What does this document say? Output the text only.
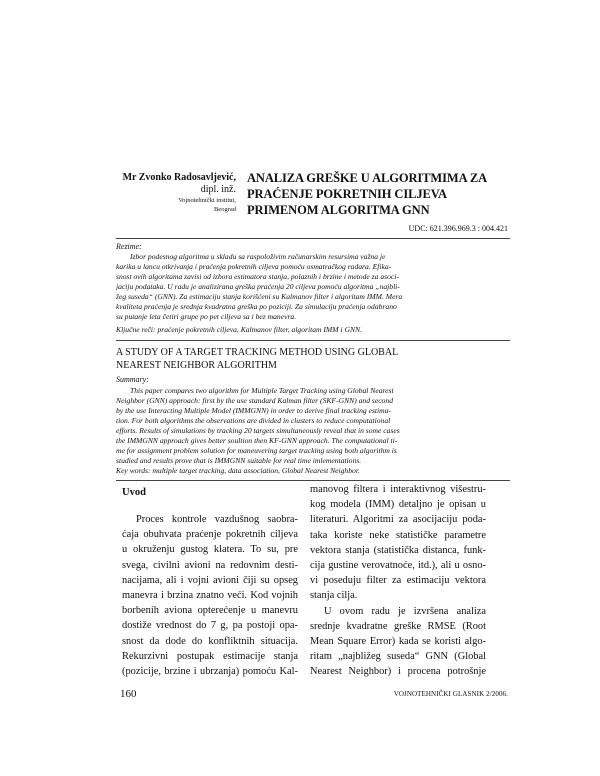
Mr Zvonko Radosavljević,
dipl. inž.
Vojnotehnički institut,
Beograd
ANALIZA GREŠKE U ALGORITMIMA ZA
PRAĆENJE POKRETNIH CILJEVA
PRIMENOM ALGORITMA GNN
UDC: 621.396.969.3 : 004.421
Rezime:
Izbor podesnog algoritma u skladu sa raspoloživim računarskim resursima važna je
karika u lancu otkrivanja i praćenja pokretnih ciljeva pomoću osmatračkog radara. Efika-
snost ovih algoritama zavisi od izbora estimatora stanja, polaznih i brzine i metode za asoci-
jaciju podataka. U radu je analizirana greška praćenja 20 ciljeva pomoću algoritma „najbli-
žeg suseda“ (GNN). Za estimaciju stanja korišćeni su Kalmanov filter i algoritam IMM. Mera
kvaliteta praćenja je srednja kvadratna greška po poziciji. Za simulaciju praćenja odabrano
su putanje leta četiri grupe po pet ciljeva sa i bez manevra.
Ključne reči: praćenje pokretnih ciljeva, Kalmanov filter, algoritam IMM i GNN.
A STUDY OF A TARGET TRACKING METHOD USING GLOBAL
NEAREST NEIGHBOR ALGORITHM
Summary:
This paper compares two algorithm for Multiple Target Tracking using Global Nearest
Neighbor (GNN) approach: first by the use standard Kalman filter (SKF-GNN) and second
by the use Interacting Multiple Model (IMMGNN) in order to derive final tracking estima-
tion. For both algorithms the observations are divided in clusters to reduce computational
efforts. Results of simulations by tracking 20 targets simultaneously reveal that in some cases
the IMMGNN approach gives better soultion then KF-GNN approach. The computational ti-
me for assignment problem solution for maneuvering target tracking using both algorithm is
studied and results prove that is IMMGNN suitable for real time imlementations.
Key words: multiple target tracking, data association, Global Nearest Neighbor.
Uvod
Proces kontrole vazdušnog saobra-
ćaja obuhvata praćenje pokretnih ciljeva
u okruženju gustog klatera. To su, pre
svega, civilni avioni na redovnim desti-
nacijama, ali i vojni avioni čiji su opseg
manevra i brzina znatno veći. Kod vojnih
borbenih aviona opterećenje u manevru
dostiže vrednost do 7 g, pa postoji opa-
snost da dode do konfliktnih situacija.
Rekurzivni postupak estimacije stanja
(pozicije, brzine i ubrzanja) pomoću Kal-
manovog filtera i interaktivnog višestru-
kog modela (IMM) detaljno je opisan u
literaturi. Algoritmi za asocijaciju poda-
taka koriste neke statističke parametre
vektora stanja (statistička distanca, funk-
cija gustine verovatnoće, itd.), ali u osno-
vi poseduju filter za estimaciju vektora
stanja cilja.
U ovom radu je izvršena analiza
srednje kvadratne greške RMSE (Root
Mean Square Error) kada se koristi algo-
ritam „najbližeg suseda“ GNN (Global
Nearest Neighbor) i procena potrošnje
160	VOJNOTEHNIČKI GLASNIK 2/2006.
